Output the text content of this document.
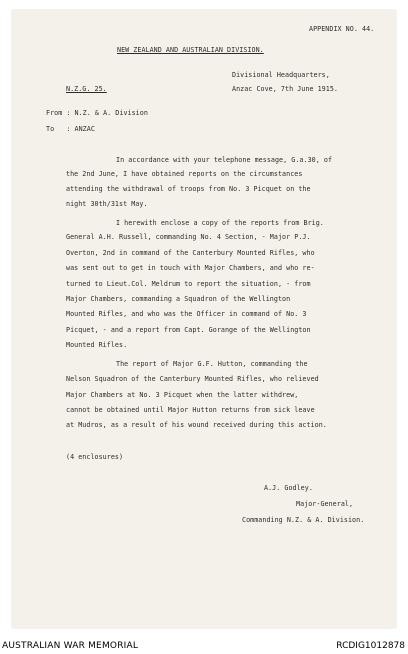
APPENDIX NO. 44.
NEW ZEALAND AND AUSTRALIAN DIVISION.
Divisional Headquarters,
N.Z.G. 25.	Anzac Cove, 7th June 1915.
From : N.Z. & A. Division
To   : ANZAC
In accordance with your telephone message, G.a.30, of
the 2nd June, I have obtained reports on the circumstances
attending the withdrawal of troops from No. 3 Picquet on the
night 30th/31st May.
I herewith enclose a copy of the reports from Brig.
General A.H. Russell, commanding No. 4 Section, - Major P.J.
Overton, 2nd in command of the Canterbury Mounted Rifles, who
was sent out to get in touch with Major Chambers, and who re-
turned to Lieut.Col. Meldrum to report the situation, - from
Major Chambers, commanding a Squadron of the Wellington
Mounted Rifles, and who was the Officer in command of No. 3
Picquet, - and a report from Capt. Gorange of the Wellington
Mounted Rifles.
The report of Major G.F. Hutton, commanding the
Nelson Squadron of the Canterbury Mounted Rifles, who relieved
Major Chambers at No. 3 Picquet when the latter withdrew,
cannot be obtained until Major Hutton returns from sick leave
at Mudros, as a result of his wound received during this action.
(4 enclosures)
A.J. Godley.
Major-General,
Commanding N.Z. & A. Division.
AUSTRALIAN WAR MEMORIAL	RCDIG1012878
